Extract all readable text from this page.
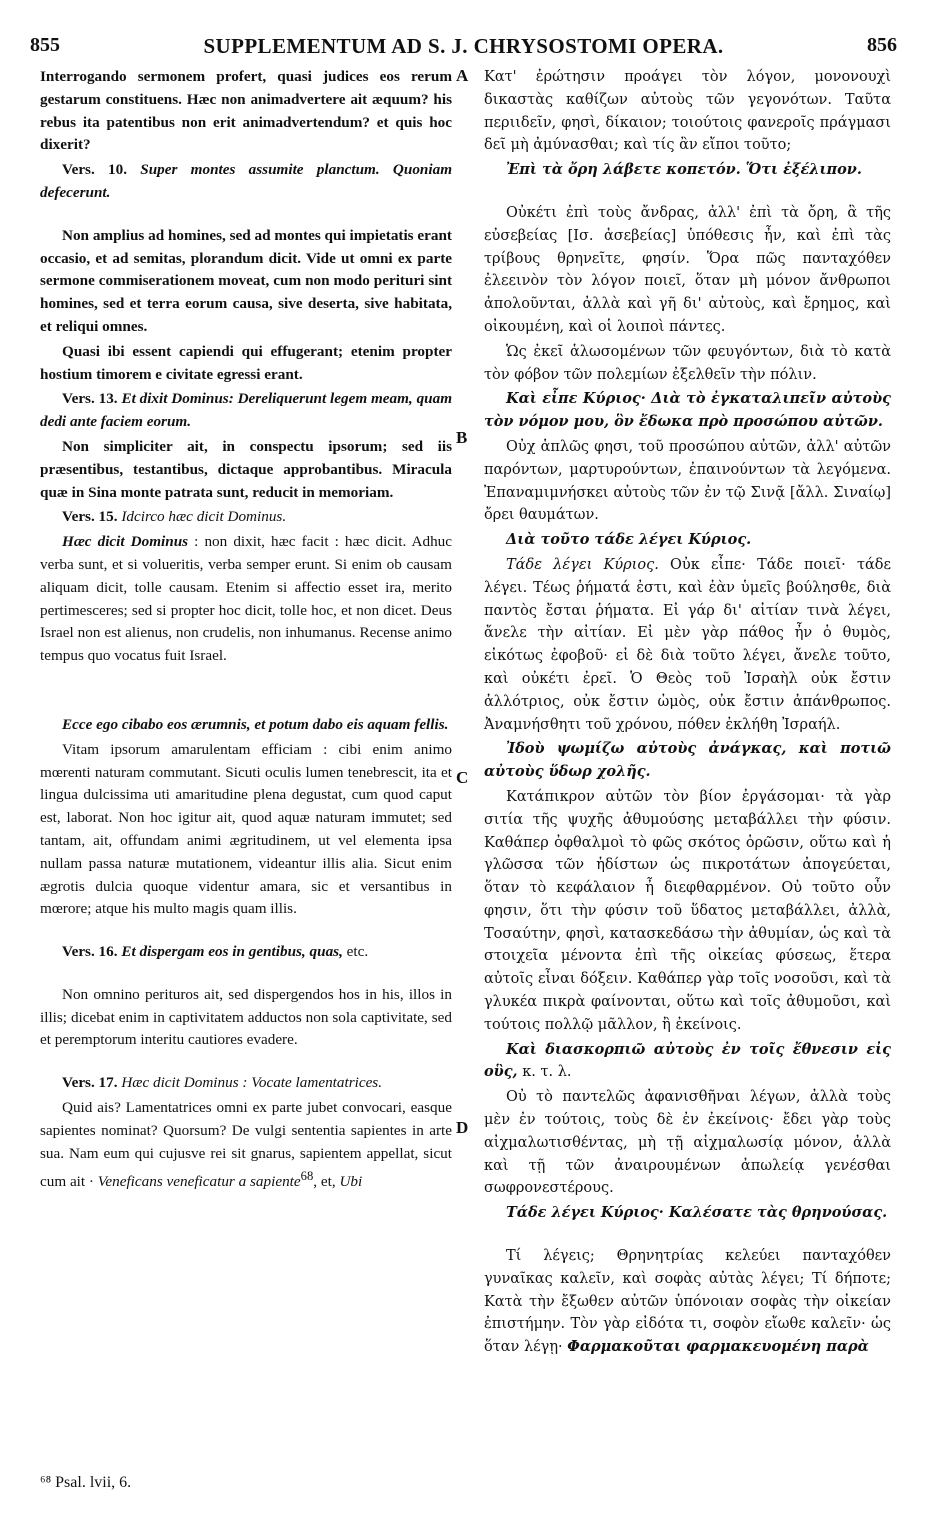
855	SUPPLEMENTUM AD S. J. CHRYSOSTOMI OPERA.	856
A
B
C
D

Interrogando sermonem profert, quasi judices eos rerum gestarum constituens. Hæc non animadvertere ait æquum? his rebus ita patentibus non erit animadvertendum? et quis hoc dixerit?

Vers. 10. Super montes assumite planctum. Quoniam defecerunt.

Non amplius ad homines, sed ad montes qui impietatis erant occasio, et ad semitas, plorandum dicit. Vide ut omni ex parte sermone commiserationem moveat, cum non modo perituri sint homines, sed et terra eorum causa, sive deserta, sive habitata, et reliqui omnes.

Quasi ibi essent capiendi qui effugerant; etenim propter hostium timorem e civitate egressi erant.

Vers. 13. Et dixit Dominus: Dereliquerunt legem meam, quam dedi ante faciem eorum.

Non simpliciter ait, in conspectu ipsorum; sed iis præsentibus, testantibus, dictaque approbantibus. Miracula quæ in Sina monte patrata sunt, reducit in memoriam.

Vers. 15. Idcirco hæc dicit Dominus.

Hæc dicit Dominus : non dixit, hæc facit : hæc dicit. Adhuc verba sunt, et si volueritis, verba semper erunt. Si enim ob causam aliquam dicit, tolle causam. Etenim si affectio esset ira, merito pertimesceres; sed si propter hoc dicit, tolle hoc, et non dicet. Deus Israel non est alienus, non crudelis, non inhumanus. Recense animo tempus quo vocatus fuit Israel.

Ecce ego cibabo eos ærumnis, et potum dabo eis aquam fellis.

Vitam ipsorum amarulentam efficiam : cibi enim animo mœrenti naturam commutant. Sicuti oculis lumen tenebrescit, ita et lingua dulcissima uti amaritudine plena degustat, cum quod caput est, laborat. Non hoc igitur ait, quod aquæ naturam immutet; sed tantam, ait, offundam animi ægritudinem, ut vel elementa ipsa nullam passa naturæ mutationem, videantur illis alia. Sicut enim ægrotis dulcia quoque videntur amara, sic et versantibus in mœrore; atque his multo magis quam illis.

Vers. 16. Et dispergam eos in gentibus, quas, etc.

Non omnino perituros ait, sed dispergendos hos in his, illos in illis; dicebat enim in captivitatem adductos non sola captivitate, sed et peremptorum interitu cautiores evadere.

Vers. 17. Hæc dicit Dominus : Vocate lamentatrices.

Quid ais? Lamentatrices omni ex parte jubet convocari, easque sapientes nominat? Quorsum? De vulgi sententia sapientes in arte sua. Nam eum qui cujusve rei sit gnarus, sapientem appellat, sicut cum ait · Veneficans veneficatur a sapiente$^{68}$, et, Ubi

⁶⁸ Psal. lvii, 6.

Κατ' ἐρώτησιν προάγει τὸν λόγον, μονονουχὶ δικαστὰς καθίζων αὐτοὺς τῶν γεγονότων. Ταῦτα περιιδεῖν, φησὶ, δίκαιον; τοιούτοις φανεροῖς πράγμασι δεῖ μὴ ἀμύνασθαι; καὶ τίς ἂν εἴποι τοῦτο;

Ἐπὶ τὰ ὄρη λάβετε κοπετόν. Ὅτι ἐξέλιπον.

Οὐκέτι ἐπὶ τοὺς ἄνδρας, ἀλλ' ἐπὶ τὰ ὄρη, ἃ τῆς εὐσεβείας [Ισ. ἀσεβείας] ὑπόθεσις ἦν, καὶ ἐπὶ τὰς τρίβους θρηνεῖτε, φησίν. Ὅρα πῶς πανταχόθεν ἐλεεινὸν τὸν λόγον ποιεῖ, ὅταν μὴ μόνον ἄνθρωποι ἀπολοῦνται, ἀλλὰ καὶ γῆ δι' αὐτοὺς, καὶ ἔρημος, καὶ οἰκουμένη, καὶ οἱ λοιποὶ πάντες.

Ὡς ἐκεῖ ἁλωσομένων τῶν φευγόντων, διὰ τὸ κατὰ τὸν φόβον τῶν πολεμίων ἐξελθεῖν τὴν πόλιν.

Καὶ εἶπε Κύριος· Διὰ τὸ ἐγκαταλιπεῖν αὐτοὺς τὸν νόμον μου, ὃν ἔδωκα πρὸ προσώπου αὐτῶν.

Οὐχ ἁπλῶς φησι, τοῦ προσώπου αὐτῶν, ἀλλ' αὐτῶν παρόντων, μαρτυρούντων, ἐπαινούντων τὰ λεγόμενα. Ἐπαναμιμνήσκει αὐτοὺς τῶν ἐν τῷ Σινᾷ [ἄλλ. Σιναίῳ] ὄρει θαυμάτων.

Διὰ τοῦτο τάδε λέγει Κύριος.

Τάδε λέγει Κύριος. Οὐκ εἶπε· Τάδε ποιεῖ· τάδε λέγει. Τέως ῥήματά ἐστι, καὶ ἐὰν ὑμεῖς βούλησθε, διὰ παντὸς ἔσται ῥήματα. Εἰ γάρ δι' αἰτίαν τινὰ λέγει, ἄνελε τὴν αἰτίαν. Εἰ μὲν γὰρ πάθος ἦν ὁ θυμὸς, εἰκότως ἐφοβοῦ· εἰ δὲ διὰ τοῦτο λέγει, ἄνελε τοῦτο, καὶ οὐκέτι ἐρεῖ. Ὁ Θεὸς τοῦ Ἰσραὴλ οὐκ ἔστιν ἀλλότριος, οὐκ ἔστιν ὠμὸς, οὐκ ἔστιν ἀπάνθρωπος. Ἀναμνήσθητι τοῦ χρόνου, πόθεν ἐκλήθη Ἰσραήλ.

Ἰδοὺ ψωμίζω αὐτοὺς ἀνάγκας, καὶ ποτιῶ αὐτοὺς ὕδωρ χολῆς.

Κατάπικρον αὐτῶν τὸν βίον ἐργάσομαι· τὰ γὰρ σιτία τῆς ψυχῆς ἀθυμούσης μεταβάλλει τὴν φύσιν. Καθάπερ ὀφθαλμοὶ τὸ φῶς σκότος ὁρῶσιν, οὕτω καὶ ἡ γλῶσσα τῶν ἡδίστων ὡς πικροτάτων ἀπογεύεται, ὅταν τὸ κεφάλαιον ἦ διεφθαρμένον. Οὐ τοῦτο οὖν φησιν, ὅτι τὴν φύσιν τοῦ ὕδατος μεταβάλλει, ἀλλὰ, Τοσαύτην, φησὶ, κατασκεδάσω τὴν ἀθυμίαν, ὡς καὶ τὰ στοιχεῖα μένοντα ἐπὶ τῆς οἰκείας φύσεως, ἕτερα αὐτοῖς εἶναι δόξειν. Καθάπερ γὰρ τοῖς νοσοῦσι, καὶ τὰ γλυκέα πικρὰ φαίνονται, οὕτω καὶ τοῖς ἀθυμοῦσι, καὶ τούτοις πολλῷ μᾶλλον, ἢ ἐκείνοις.

Καὶ διασκορπιῶ αὐτοὺς ἐν τοῖς ἔθνεσιν εἰς οὓς, κ. τ. λ.

Οὐ τὸ παντελῶς ἀφανισθῆναι λέγων, ἀλλὰ τοὺς μὲν ἐν τούτοις, τοὺς δὲ ἐν ἐκείνοις· ἔδει γὰρ τοὺς αἰχμαλωτισθέντας, μὴ τῇ αἰχμαλωσίᾳ μόνον, ἀλλὰ καὶ τῇ τῶν ἀναιρουμένων ἀπωλείᾳ γενέσθαι σωφρονεστέρους.

Τάδε λέγει Κύριος· Καλέσατε τὰς θρηνούσας.

Τί λέγεις; Θρηνητρίας κελεύει πανταχόθεν γυναῖκας καλεῖν, καὶ σοφὰς αὐτὰς λέγει; Τί δήποτε; Κατὰ τὴν ἔξωθεν αὐτῶν ὑπόνοιαν σοφὰς τὴν οἰκείαν ἐπιστήμην. Τὸν γὰρ εἰδότα τι, σοφὸν εἴωθε καλεῖν· ὡς ὅταν λέγῃ· Φαρμακοῦται φαρμακευομένη παρὰ
